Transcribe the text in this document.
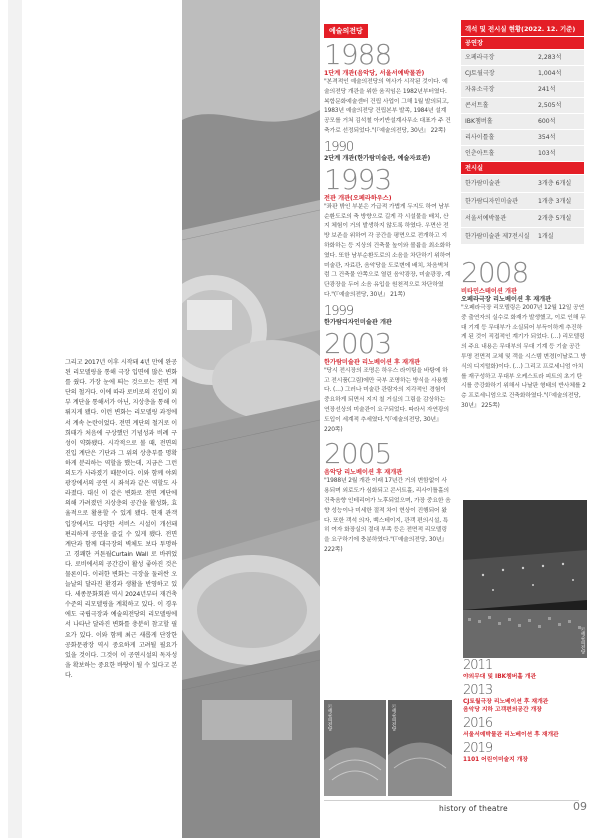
그리고 2017년 이후 시작돼 4년 만에 완공된 리모델링을 통해 극장 입면에 많은 변화를 줬다. 가장 눈에 띄는 것으로는 전면 계단의 철거다. 이에 따라 로비로의 진입이 외부 계단을 통해서가 아닌, 지상층을 통해 이뤄지게 됐다. 이런 변화는 리모델링 과정에서 계속 논란이었다. 전면 계단의 철거로 이희태가 처음에 구상했던 기념성과 비례 구성이 약화됐다. 시각적으로 볼 때, 전면의 진입 계단은 기단과 그 위의 상층부를 명확하게 분리하는 역할을 했는데, 지금은 그런 의도가 사라졌기 때문이다. 이와 함께 야외 광장에서의 공연 시 좌석과 같은 역할도 사라졌다. 대신 이 같은 변화로 전면 계단에 의해 가려졌던 지상층의 공간을 활성화, 효율적으로 활용할 수 있게 됐다. 현재 관객 입장에서도 다양한 서비스 시설이 개선돼 편리하게 공연을 즐길 수 있게 됐다. 전면 계단과 함께 대극장의 벽체도 보다 투명하고 경쾌한 커튼월Curtain Wall 로 바뀌었다. 로비에서의 공간감이 활성 좋아진 것은 물론이다. 이러한 변화는 극장을 둘러싼 오늘날의 달라진 환경과 생활을 반영하고 있다. 세종문화회관 역시 2024년부터 재건축 수준의 리모델링을 계획하고 있다. 이 경우에도 국립극장과 예술의전당의 리모델링에서 나타난 달라진 변화를 충분히 참고할 필요가 있다. 이와 함께 최근 새롭게 단장한 공화문광장 역시 중요하게 고려될 필요가 있을 것이다. 그것이 이 공연시설의 독자성을 확보하는 중요한 바탕이 될 수 있다고 본다.

예술의전당
1988
1단계 개관(음악당, 서울서예박물관)
"본격적인 예술의전당의 역사가 시작된 것이다. 예술의전당 개관을 위한 움직임은 1982년부터였다. 복합문화예술센터 건립 사업이 그해 1월 발의되고, 1983년 예술의전당 건립본부 발족, 1984년 설계 공모를 거쳐 김석철 아키반설계사무소 대표가 주 건축가로 선정되었다."(『예술의전당, 30년』 22쪽)
1990
2단계 개관(한가람미술관, 예술자료관)
1993
전관 개관(오페라하우스)
"좌판 밖인 부분은 가급적 가볍게 두지도 하여 남부순환도로의 축 방향으로 길게 각 시설물을 배치, 산지 체험이 거의 발생하지 않도록 하였다. 우면산 전방 보존을 위하여 각 공간을 평면으로 전개하고 지하화하는 등 지상의 건축물 높이와 볼륨을 최소화하였다. 또한 남부순환도로의 소음을 차단하기 위하여 미술관, 자료관, 음악당을 도로변에 배치, 차음벽처럼 그 건축물 안쪽으로 열린 음악광장, 미술광장, 계단광장을 두어 소음 유입을 원천적으로 차단하였다."(『예술의전당, 30년』 21쪽)
1999
한가람디자인미술관 개관
2003
한가람미술관 리노베이션 후 재개관
"당시 전시장의 조명은 하우스 라이팅을 바탕에 하고 전시품(그림)에만 국부 조명하는 방식을 사용했다. (…) 그러나 미술관 관람자의 지각적인 경험이 중요하게 되면서 지지 칠 거실의 그림을 감상하는 연장선상의 미술관이 요구되었다. 따라서 자연광의 도입이 세계적 추세였다."(『예술의전당, 30년』 220쪽)
2005
음악당 리노베이션 후 재개관
"1988년 2월 개관 이래 17년간 거의 변함없이 사용되며 외로도가 심화되고 콘서트홀, 리사이틀홀의 건축음향 인테리어가 노후되었으며, 가장 중요한 음향 성능이나 미세한 절적 차이 현상이 진행되어 왔다. 또한 객석 의자, 백스테이지, 관객 편의시설, 특히 여자 화장실의 절대 부족 등은 전면적 리모델링을 요구하기에 충분하였다."(『예술의전당, 30년』 222쪽)
ⓒ예술의전당	ⓒ예술의전당
객석 및 전시실 현황(2022. 12. 기준)
공연장
오페라극장	2,283석
CJ토월극장	1,004석
자유소극장	241석
콘서트홀	2,505석
IBK챔버홀	600석
리사이틀홀	354석
인춘아트홀	103석
전시실
한가람미술관	3개층 6개실
한가람디자인미술관	1개층 3개실
서울서예박물관	2개층 5개실
한가람미술관 제7전시실	1개실
2008
비타민스테이션 개관
오페라극장 리노베이션 후 재개관
"오페라극장 리모델링은 2007년 12월 12일 공연 중 출연자의 실수로 화재가 발생했고, 이로 인해 무대 기계 등 무대부가 소실되어 부득이하게 추진하게 된 것이 직접적인 계기가 되었다. (…) 리모델링의 주요 내용은 무대부의 무대 기계 등 기술 공간 투명 전면적 교체 및 객을 시스템 변경(이날로그 방식의 디지털화)이다. (…) 그리고 프로세니엄 아치를 재구성하고 무대부 오케스트라 피트의 초기 탄시를 증강화하기 위해서 나날판 형태의 반사체를 2층 프로세니엄으로 건축화하였다."(『예술의전당, 30년』 225쪽)
ⓒ예술의전당
2011
야외무대 및 IBK챔버홀 개관
2013
CJ토월극장 리노베이션 후 재개관
음악당 지하 고객편의공간 개장
2016
서울서예박물관 리노베이션 후 재개관
2019
1101 어린이미술지 개장
history of theatre	09
